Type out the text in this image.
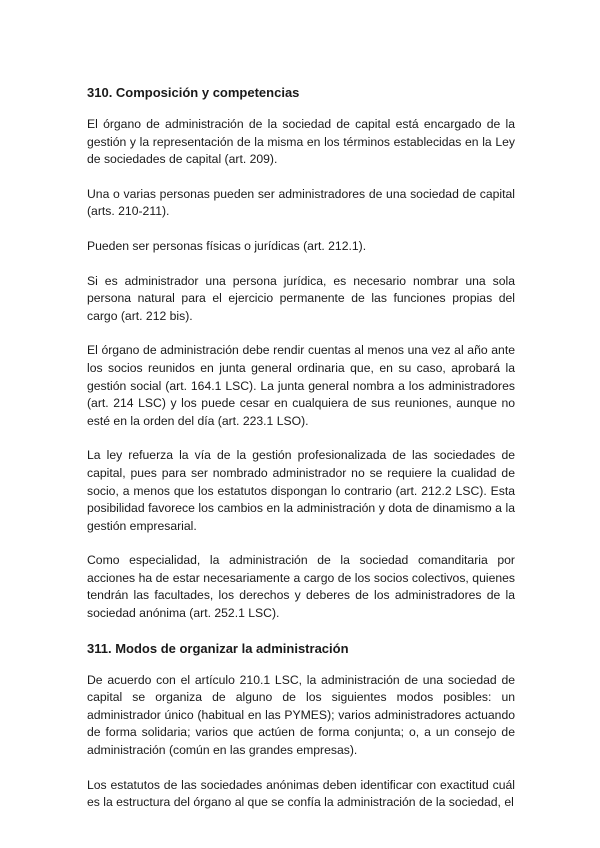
310. Composición y competencias

El órgano de administración de la sociedad de capital está encargado de la gestión y la representación de la misma en los términos establecidas en la Ley de sociedades de capital (art. 209).

Una o varias personas pueden ser administradores de una sociedad de capital (arts. 210-211).

Pueden ser personas físicas o jurídicas (art. 212.1).

Si es administrador una persona jurídica, es necesario nombrar una sola persona natural para el ejercicio permanente de las funciones propias del cargo (art. 212 bis).

El órgano de administración debe rendir cuentas al menos una vez al año ante los socios reunidos en junta general ordinaria que, en su caso, aprobará la gestión social (art. 164.1 LSC). La junta general nombra a los administradores (art. 214 LSC) y los puede cesar en cualquiera de sus reuniones, aunque no esté en la orden del día (art. 223.1 LSO).

La ley refuerza la vía de la gestión profesionalizada de las sociedades de capital, pues para ser nombrado administrador no se requiere la cualidad de socio, a menos que los estatutos dispongan lo contrario (art. 212.2 LSC). Esta posibilidad favorece los cambios en la administración y dota de dinamismo a la gestión empresarial.

Como especialidad, la administración de la sociedad comanditaria por acciones ha de estar necesariamente a cargo de los socios colectivos, quienes tendrán las facultades, los derechos y deberes de los administradores de la sociedad anónima (art. 252.1 LSC).

311. Modos de organizar la administración

De acuerdo con el artículo 210.1 LSC, la administración de una sociedad de capital se organiza de alguno de los siguientes modos posibles: un administrador único (habitual en las PYMES); varios administradores actuando de forma solidaria; varios que actúen de forma conjunta; o, a un consejo de administración (común en las grandes empresas).

Los estatutos de las sociedades anónimas deben identificar con exactitud cuál es la estructura del órgano al que se confía la administración de la sociedad, el
